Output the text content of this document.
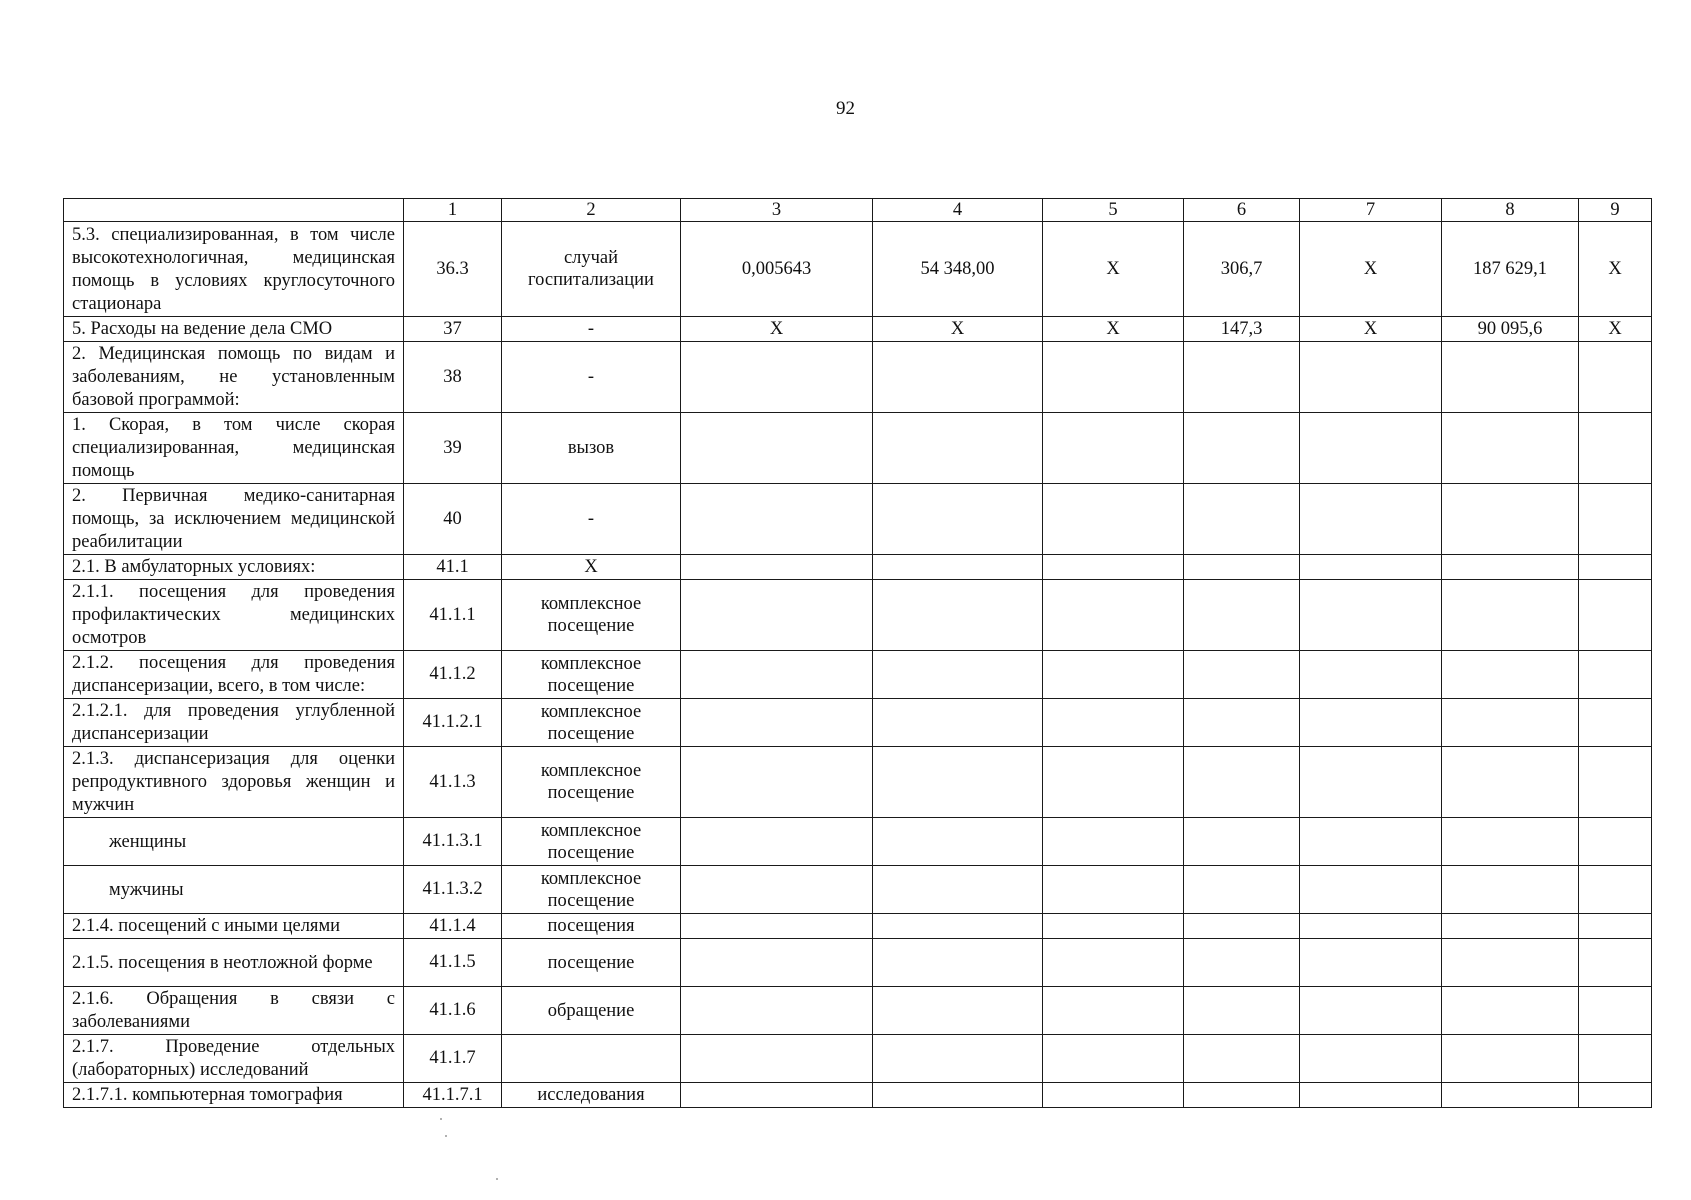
92
	1	2	3	4	5	6	7	8	9
5.3. специализированная, в том числе высокотехнологичная, медицинская помощь в условиях круглосуточного стационара	36.3	случай госпитализации	0,005643	54 348,00	Х	306,7	Х	187 629,1	Х
5. Расходы на ведение дела СМО	37	-	Х	Х	Х	147,3	Х	90 095,6	Х
2. Медицинская помощь по видам и заболеваниям, не установленным базовой программой:	38	-							
1. Скорая, в том числе скорая специализированная, медицинская помощь	39	вызов							
2. Первичная медико-санитарная помощь, за исключением медицинской реабилитации	40	-							
2.1. В амбулаторных условиях:	41.1	Х							
2.1.1. посещения для проведения профилактических медицинских осмотров	41.1.1	комплексное посещение							
2.1.2. посещения для проведения диспансеризации, всего, в том числе:	41.1.2	комплексное посещение							
2.1.2.1. для проведения углубленной диспансеризации	41.1.2.1	комплексное посещение							
2.1.3. диспансеризация для оценки репродуктивного здоровья женщин и мужчин	41.1.3	комплексное посещение							
женщины	41.1.3.1	комплексное посещение							
мужчины	41.1.3.2	комплексное посещение							
2.1.4. посещений с иными целями	41.1.4	посещения							
2.1.5. посещения в неотложной форме	41.1.5	посещение							
2.1.6. Обращения в связи с заболеваниями	41.1.6	обращение							
2.1.7. Проведение отдельных (лабораторных) исследований	41.1.7								
2.1.7.1. компьютерная томография	41.1.7.1	исследования							
